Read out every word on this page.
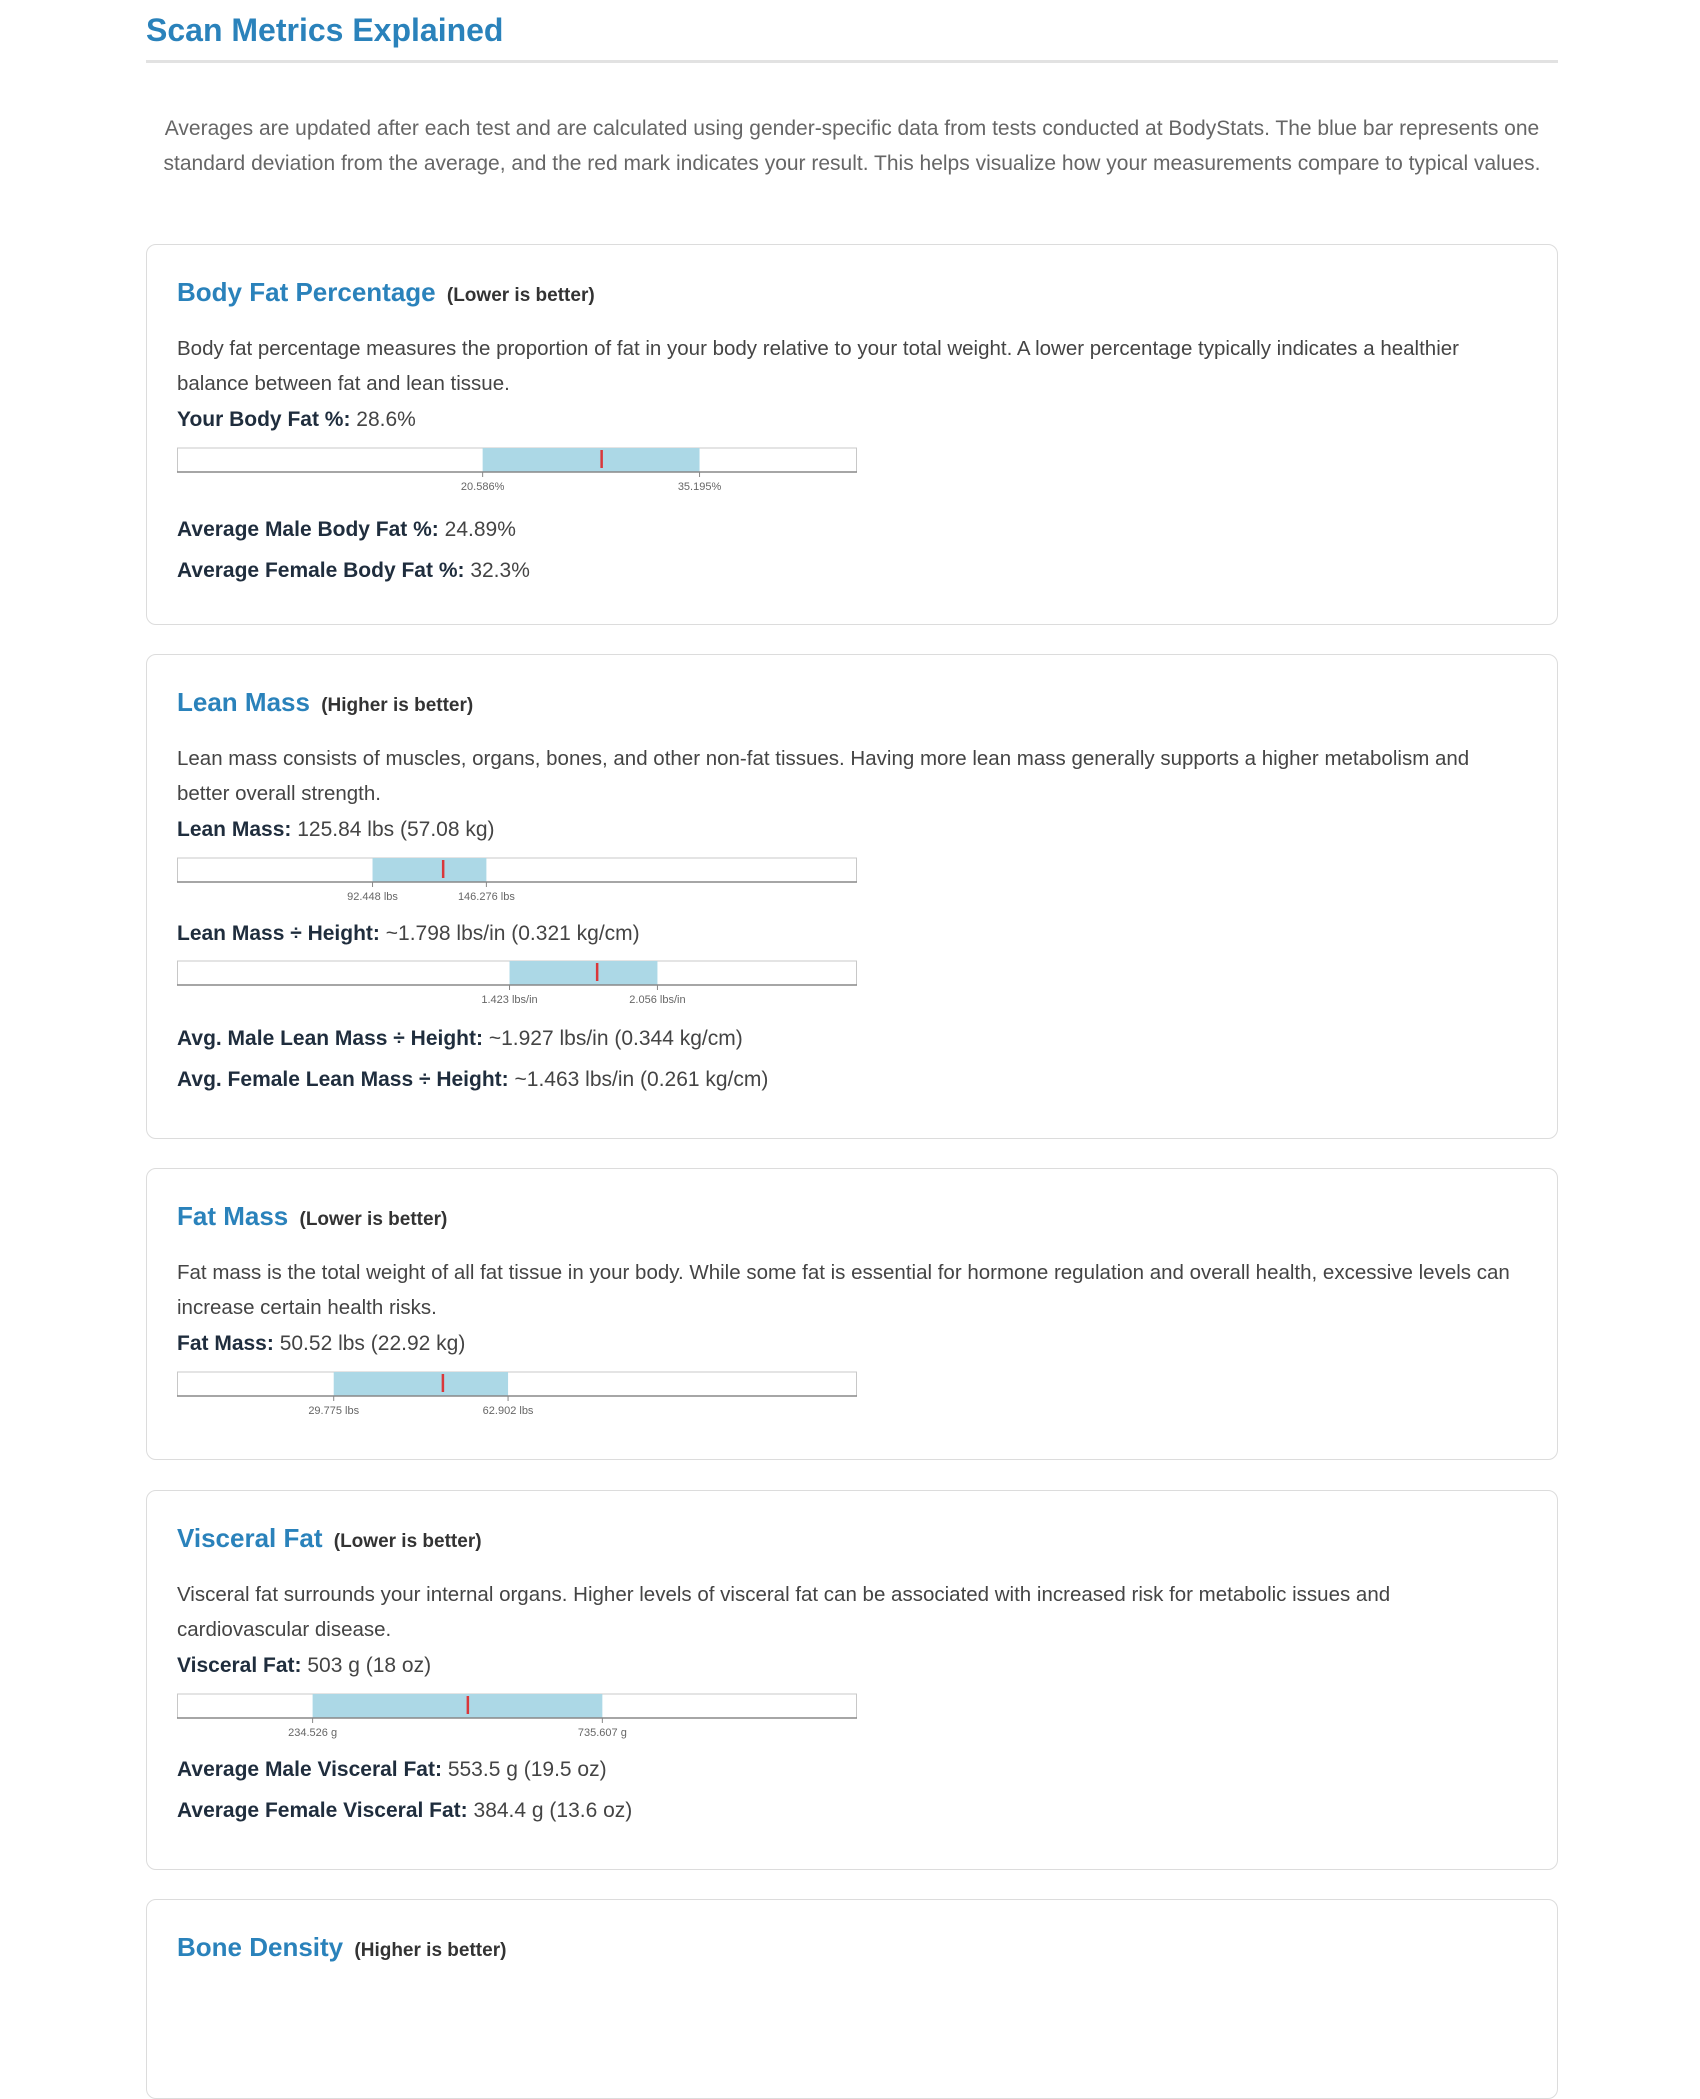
Scan Metrics Explained

Averages are updated after each test and are calculated using gender-specific data from tests conducted at BodyStats. The blue bar represents one standard deviation from the average, and the red mark indicates your result. This helps visualize how your measurements compare to typical values.

Body Fat Percentage (Lower is better)
Body fat percentage measures the proportion of fat in your body relative to your total weight. A lower percentage typically indicates a healthier balance between fat and lean tissue.
Your Body Fat %: 28.6%
20.586%	35.195%
Average Male Body Fat %: 24.89%
Average Female Body Fat %: 32.3%
Lean Mass (Higher is better)
Lean mass consists of muscles, organs, bones, and other non-fat tissues. Having more lean mass generally supports a higher metabolism and better overall strength.
Lean Mass: 125.84 lbs (57.08 kg)
92.448 lbs	146.276 lbs
Lean Mass ÷ Height: ~1.798 lbs/in (0.321 kg/cm)
1.423 lbs/in	2.056 lbs/in
Avg. Male Lean Mass ÷ Height: ~1.927 lbs/in (0.344 kg/cm)
Avg. Female Lean Mass ÷ Height: ~1.463 lbs/in (0.261 kg/cm)
Fat Mass (Lower is better)
Fat mass is the total weight of all fat tissue in your body. While some fat is essential for hormone regulation and overall health, excessive levels can increase certain health risks.
Fat Mass: 50.52 lbs (22.92 kg)
29.775 lbs	62.902 lbs
Visceral Fat (Lower is better)
Visceral fat surrounds your internal organs. Higher levels of visceral fat can be associated with increased risk for metabolic issues and cardiovascular disease.
Visceral Fat: 503 g (18 oz)
234.526 g	735.607 g
Average Male Visceral Fat: 553.5 g (19.5 oz)
Average Female Visceral Fat: 384.4 g (13.6 oz)
Bone Density (Higher is better)
